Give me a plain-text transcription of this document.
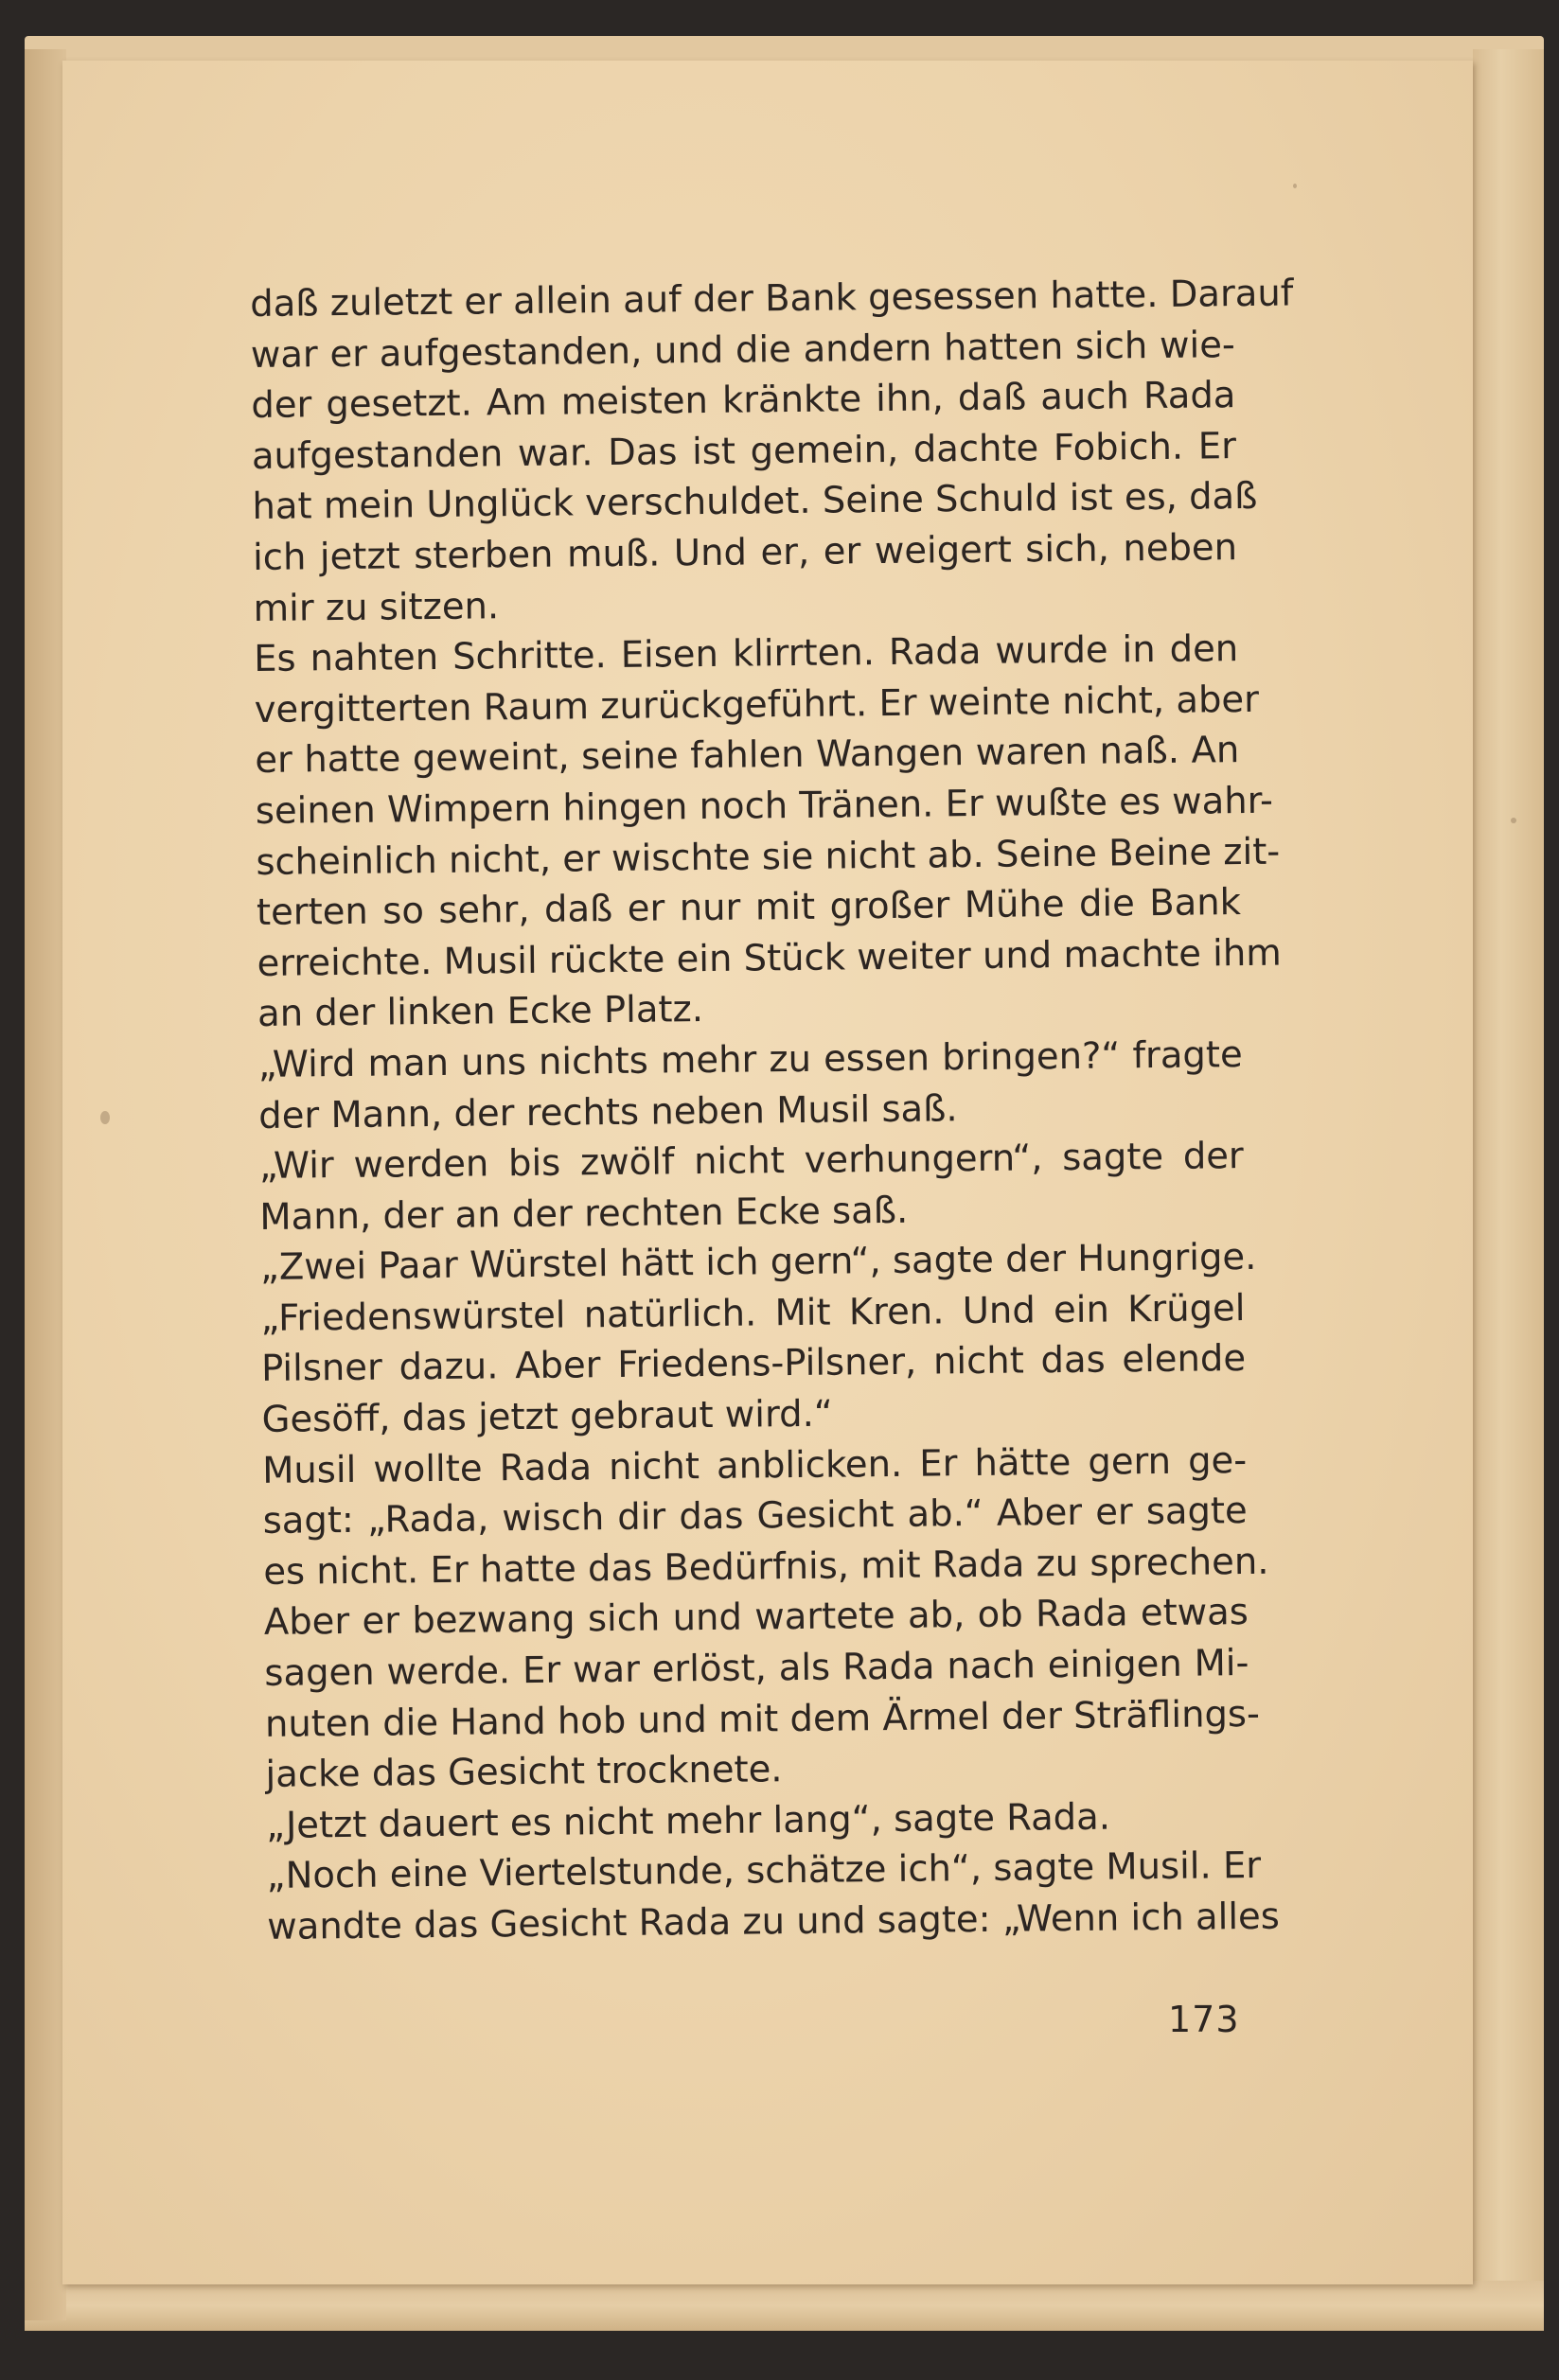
daß zuletzt er allein auf der Bank gesessen hatte. Darauf
war er aufgestanden, und die andern hatten sich wie-
der gesetzt. Am meisten kränkte ihn, daß auch Rada
aufgestanden war. Das ist gemein, dachte Fobich. Er
hat mein Unglück verschuldet. Seine Schuld ist es, daß
ich jetzt sterben muß. Und er, er weigert sich, neben
mir zu sitzen.
Es nahten Schritte. Eisen klirrten. Rada wurde in den
vergitterten Raum zurückgeführt. Er weinte nicht, aber
er hatte geweint, seine fahlen Wangen waren naß. An
seinen Wimpern hingen noch Tränen. Er wußte es wahr-
scheinlich nicht, er wischte sie nicht ab. Seine Beine zit-
terten so sehr, daß er nur mit großer Mühe die Bank
erreichte. Musil rückte ein Stück weiter und machte ihm
an der linken Ecke Platz.
„Wird man uns nichts mehr zu essen bringen?“ fragte
der Mann, der rechts neben Musil saß.
„Wir werden bis zwölf nicht verhungern“, sagte der
Mann, der an der rechten Ecke saß.
„Zwei Paar Würstel hätt ich gern“, sagte der Hungrige.
„Friedenswürstel natürlich. Mit Kren. Und ein Krügel
Pilsner dazu. Aber Friedens-Pilsner, nicht das elende
Gesöff, das jetzt gebraut wird.“
Musil wollte Rada nicht anblicken. Er hätte gern ge-
sagt: „Rada, wisch dir das Gesicht ab.“ Aber er sagte
es nicht. Er hatte das Bedürfnis, mit Rada zu sprechen.
Aber er bezwang sich und wartete ab, ob Rada etwas
sagen werde. Er war erlöst, als Rada nach einigen Mi-
nuten die Hand hob und mit dem Ärmel der Sträflings-
jacke das Gesicht trocknete.
„Jetzt dauert es nicht mehr lang“, sagte Rada.
„Noch eine Viertelstunde, schätze ich“, sagte Musil. Er
wandte das Gesicht Rada zu und sagte: „Wenn ich alles
173
